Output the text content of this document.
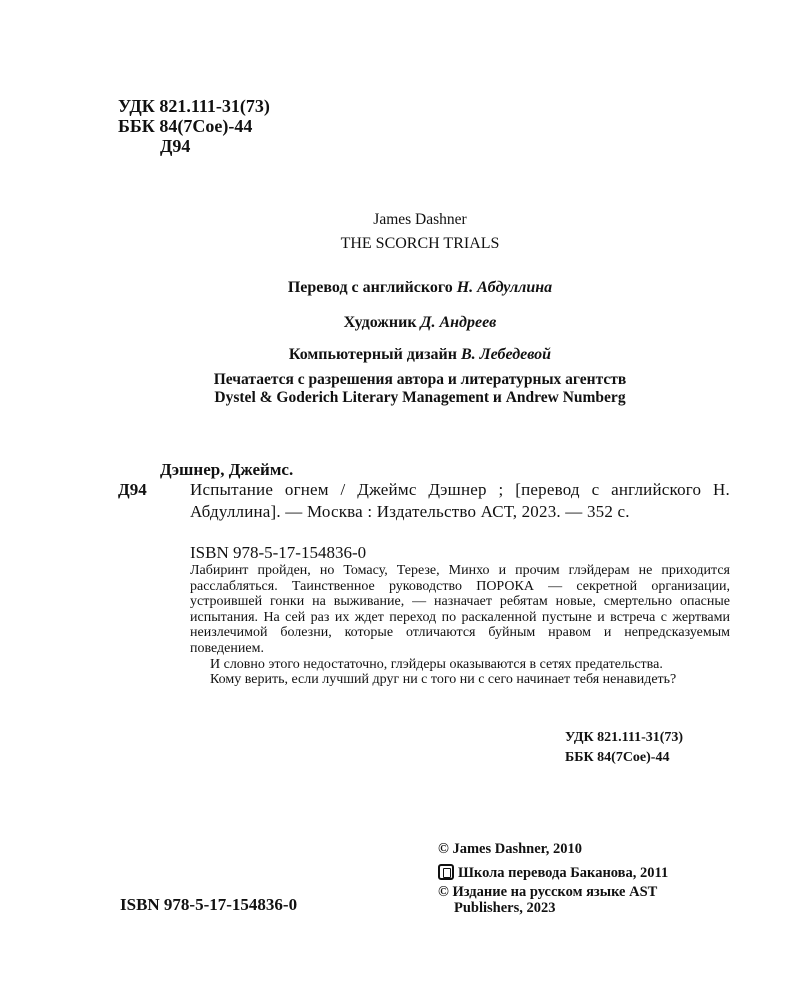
УДК 821.111-31(73)
ББК 84(7Сое)-44
Д94
James Dashner
THE SCORCH TRIALS
Перевод с английского Н. Абдуллина
Художник Д. Андреев
Компьютерный дизайн В. Лебедевой
Печатается с разрешения автора и литературных агентств
Dystel & Goderich Literary Management и Andrew Numberg
Дэшнер, Джеймс.
Д94	Испытание огнем / Джеймс Дэшнер ; [перевод с английского Н. Абдуллина]. — Москва : Издательство АСТ, 2023. — 352 с.
ISBN 978-5-17-154836-0

Лабиринт пройден, но Томасу, Терезе, Минхо и прочим глэйдерам не приходится расслабляться. Таинственное руководство ПОРОКА — секретной организации, устроившей гонки на выживание, — назначает ребятам новые, смертельно опасные испытания. На сей раз их ждет переход по раскаленной пустыне и встреча с жертвами неизлечимой болезни, которые отличаются буйным нравом и непредсказуемым поведением.

И словно этого недостаточно, глэйдеры оказываются в сетях предательства.

Кому верить, если лучший друг ни с того ни с сего начинает тебя ненавидеть?

УДК 821.111-31(73)
ББК 84(7Сое)-44
© James Dashner, 2010
Школа перевода Баканова, 2011
© Издание на русском языке AST
Publishers, 2023
ISBN 978-5-17-154836-0
